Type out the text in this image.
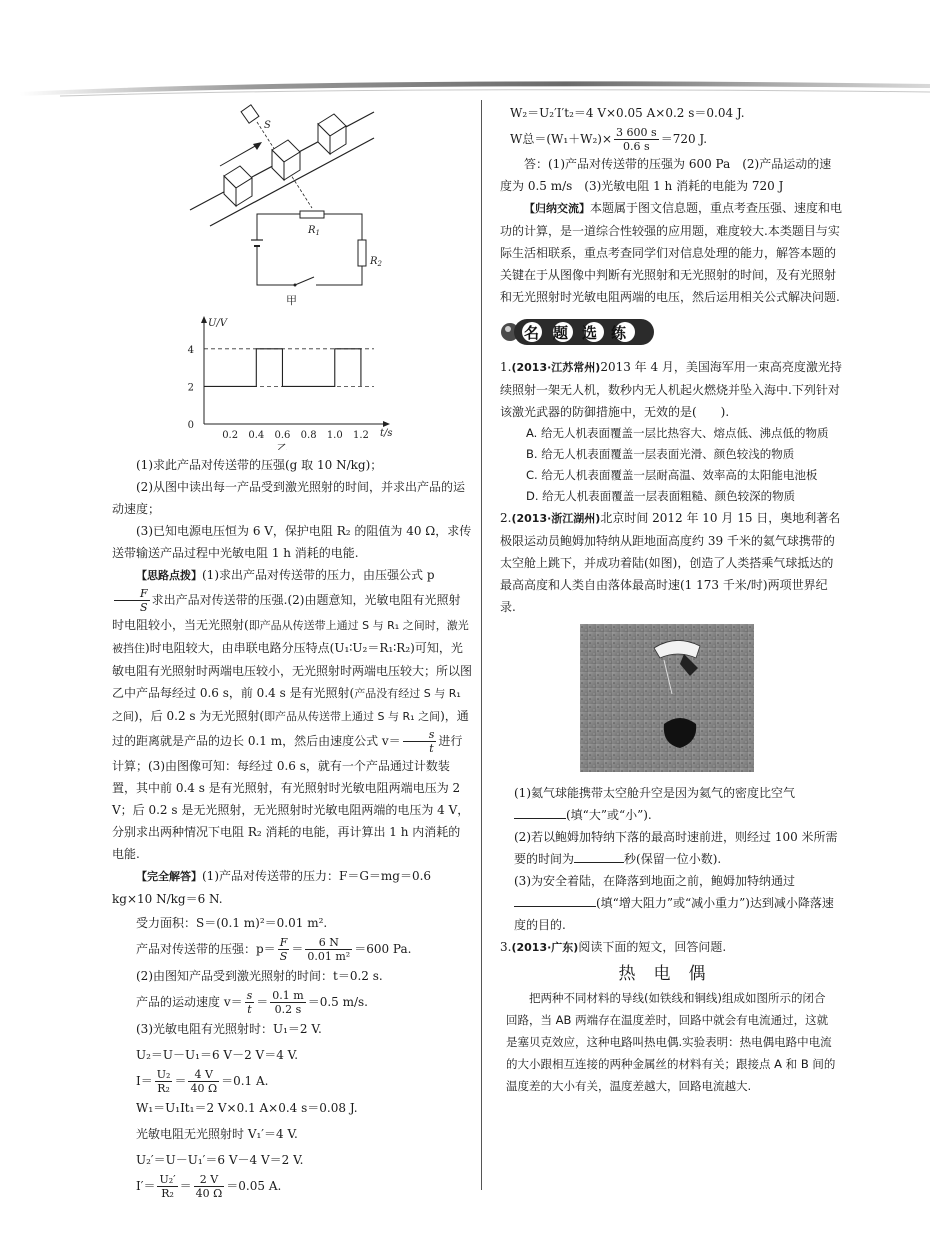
S
$R_1$
$R_2$
甲

U/V
t/s
0
2
4
0.2 0.4 0.6 0.8 1.0 1.2
乙

(1)求此产品对传送带的压强(g 取 10 N/kg)；

(2)从图中读出每一产品受到激光照射的时间，并求出产品的运动速度；

(3)已知电源电压恒为 6 V，保护电阻 R₂ 的阻值为 40 Ω，求传送带输送产品过程中光敏电阻 1 h 消耗的电能.

【思路点拨】(1)求出产品对传送带的压力，由压强公式 p
$\frac{F}{S}$ 求出产品对传送带的压强.(2)由题意知，光敏电阻有光照射时电阻较小，当无光照射(即产品从传送带上通过 S 与 R₁ 之间时，激光被挡住)时电阻较大，由串联电路分压特点(U₁∶U₂＝R₁∶R₂)可知，光敏电阻有光照射时两端电压较小，无光照射时两端电压较大；所以图乙中产品每经过 0.6 s，前 0.4 s 是有光照射(产品没有经过 S 与 R₁ 之间)，后 0.2 s 为无光照射(即产品从传送带上通过 S 与 R₁ 之间)，通过的距离就是产品的边长 0.1 m，然后由速度公式 $v= \frac{s}{t}$ 进行计算；(3)由图像可知：每经过 0.6 s，就有一个产品通过计数装置，其中前 0.4 s 是有光照射，有光照射时光敏电阻两端电压为 2 V；后 0.2 s 是无光照射，无光照射时光敏电阻两端的电压为 4 V，分别求出两种情况下电阻 R₂ 消耗的电能，再计算出 1 h 内消耗的电能.

【完全解答】(1)产品对传送带的压力：F＝G＝mg＝0.6 kg×10 N/kg＝6 N.

受力面积：S＝(0.1 m)²＝0.01 m².

产品对传送带的压强：$p= \frac{F}{S} = \frac{6 N}{\text{0.01 m²}} =600$ Pa.

(2)由图知产品受到激光照射的时间：t＝0.2 s.

产品的运动速度 $v= \frac{s}{t} = \frac{0.1 m}{0.2 s} =0.5$ m/s.

(3)光敏电阻有光照射时：U₁＝2 V.

U₂＝U－U₁＝6 V－2 V＝4 V.

$I= \frac{\text{U₂}}{\text{R₂}} = \frac{4 V}{40 \Omega} =0.1$ A.

W₁＝U₁It₁＝2 V×0.1 A×0.4 s＝0.08 J.

光敏电阻无光照射时 V₁′＝4 V.

U₂′＝U－U₁′＝6 V－4 V＝2 V.

$I'= \frac{\text{U₂′}}{\text{R₂}} = \frac{2 V}{40 \Omega} =0.05$ A.

W₂＝U₂′I′t₂＝4 V×0.05 A×0.2 s＝0.04 J.

W总$=(W_1+W_2)\times \frac{3 600 s}{0.6 s} =720$ J.

答：(1)产品对传送带的压强为 600 Pa　(2)产品运动的速度为 0.5 m/s　(3)光敏电阻 1 h 消耗的电能为 720 J

【归纳交流】本题属于图文信息题，重点考查压强、速度和电功的计算，是一道综合性较强的应用题，难度较大.本类题目与实际生活相联系，重点考查同学们对信息处理的能力，解答本题的关键在于从图像中判断有光照射和无光照射的时间，及有光照射和无光照射时光敏电阻两端的电压，然后运用相关公式解决问题.

名题选练

1.(2013·江苏常州)2013 年 4 月，美国海军用一束高亮度激光持续照射一架无人机，数秒内无人机起火燃烧并坠入海中.下列针对该激光武器的防御措施中，无效的是(　　).

A. 给无人机表面覆盖一层比热容大、熔点低、沸点低的物质

B. 给无人机表面覆盖一层表面光滑、颜色较浅的物质

C. 给无人机表面覆盖一层耐高温、效率高的太阳能电池板

D. 给无人机表面覆盖一层表面粗糙、颜色较深的物质

2.(2013·浙江湖州)北京时间 2012 年 10 月 15 日，奥地利著名极限运动员鲍姆加特纳从距地面高度约 39 千米的氦气球携带的太空舱上跳下，并成功着陆(如图)，创造了人类搭乘气球抵达的最高高度和人类自由落体最高时速(1 173 千米/时)两项世界纪录.

(1)氦气球能携带太空舱升空是因为氦气的密度比空气
(填“大”或“小”).

(2)若以鲍姆加特纳下落的最高时速前进，则经过 100 米所需要的时间为	秒(保留一位小数).

(3)为安全着陆，在降落到地面之前，鲍姆加特纳通过(填“增大阻力”或“减小重力”)达到减小降落速度的目的.

3.(2013·广东)阅读下面的短文，回答问题.

热电偶

把两种不同材料的导线(如铁线和铜线)组成如图所示的闭合回路，当 AB 两端存在温度差时，回路中就会有电流通过，这就是塞贝克效应，这种电路叫热电偶.实验表明：热电偶电路中电流的大小跟相互连接的两种金属丝的材料有关；跟接点 A 和 B 间的温度差的大小有关，温度差越大，回路电流越大.
